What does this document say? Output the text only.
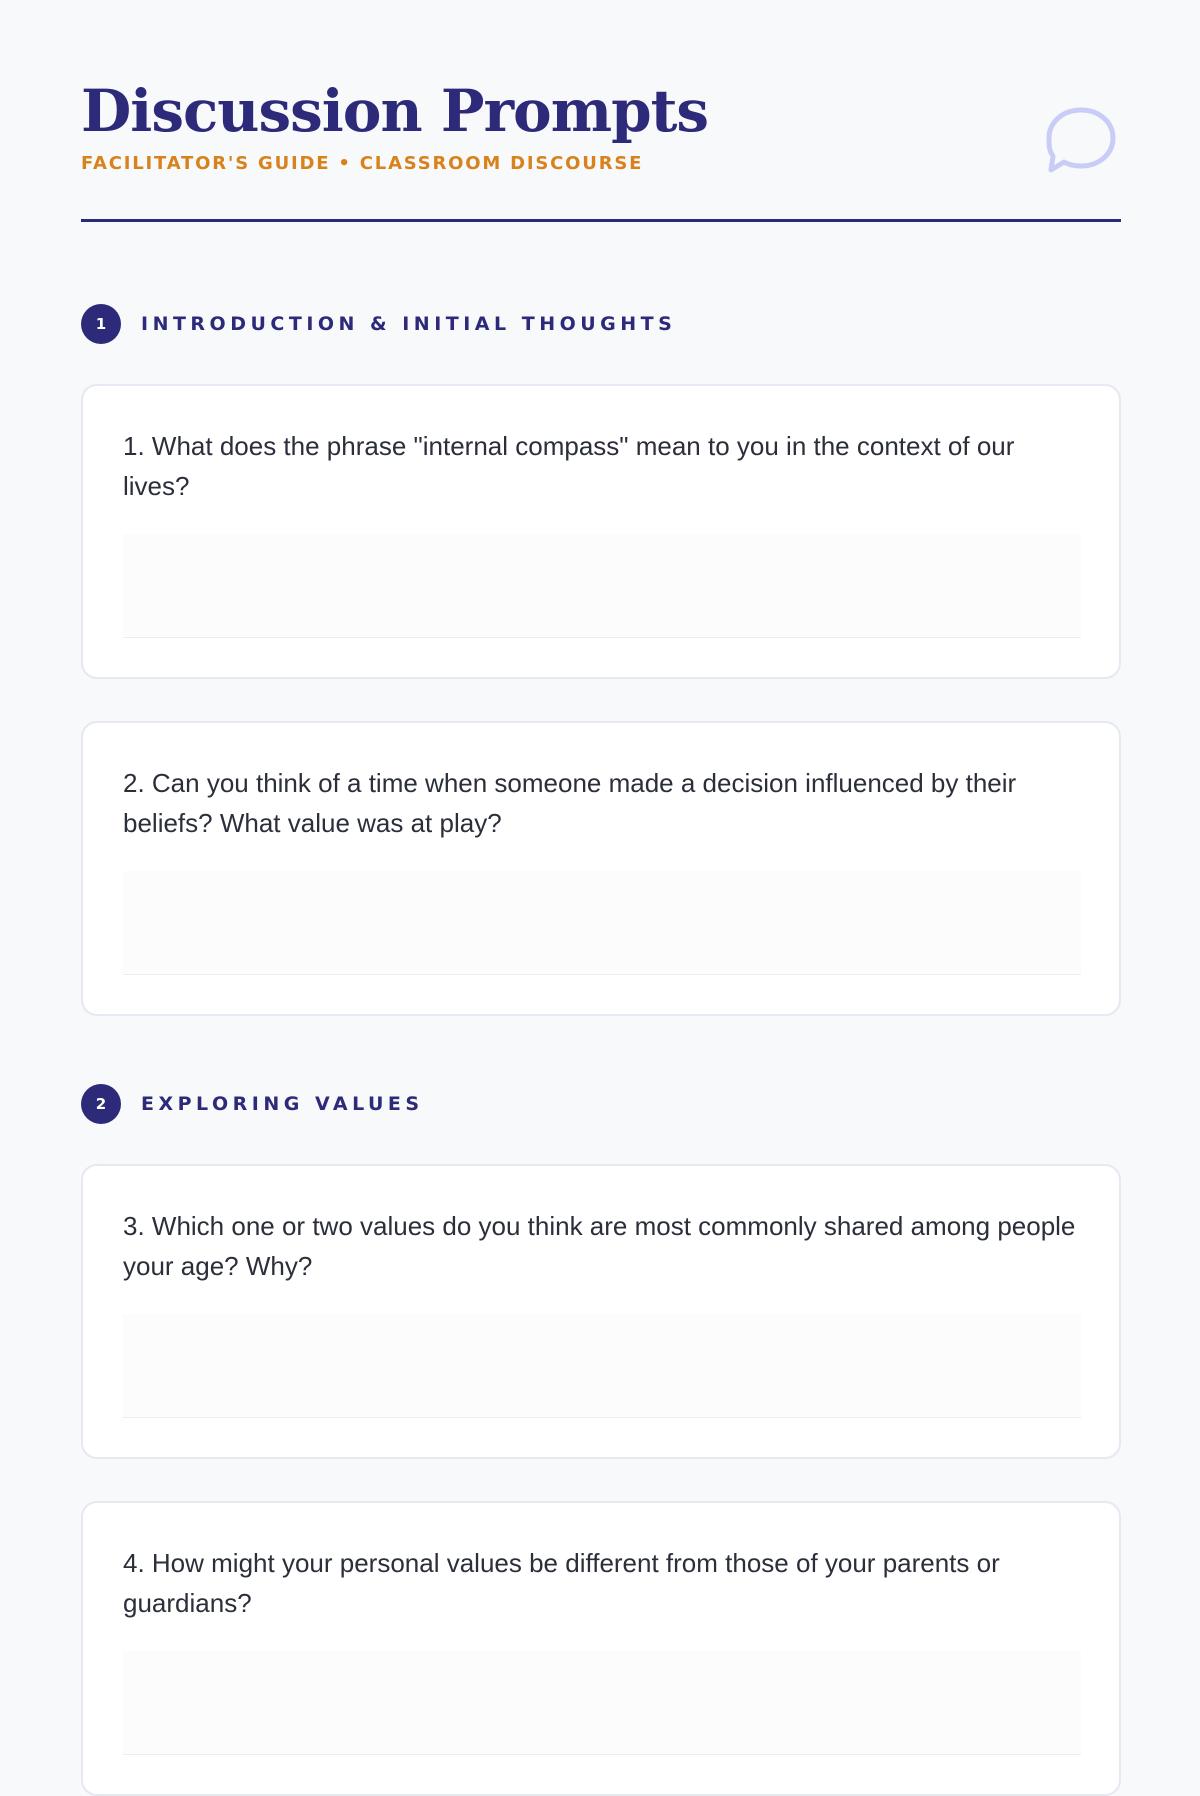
Discussion Prompts
FACILITATOR'S GUIDE • CLASSROOM DISCOURSE
1	INTRODUCTION & INITIAL THOUGHTS
1. What does the phrase "internal compass" mean to you in the context of our lives?
2. Can you think of a time when someone made a decision influenced by their beliefs? What value was at play?
2	EXPLORING VALUES
3. Which one or two values do you think are most commonly shared among people your age? Why?
4. How might your personal values be different from those of your parents or guardians?
